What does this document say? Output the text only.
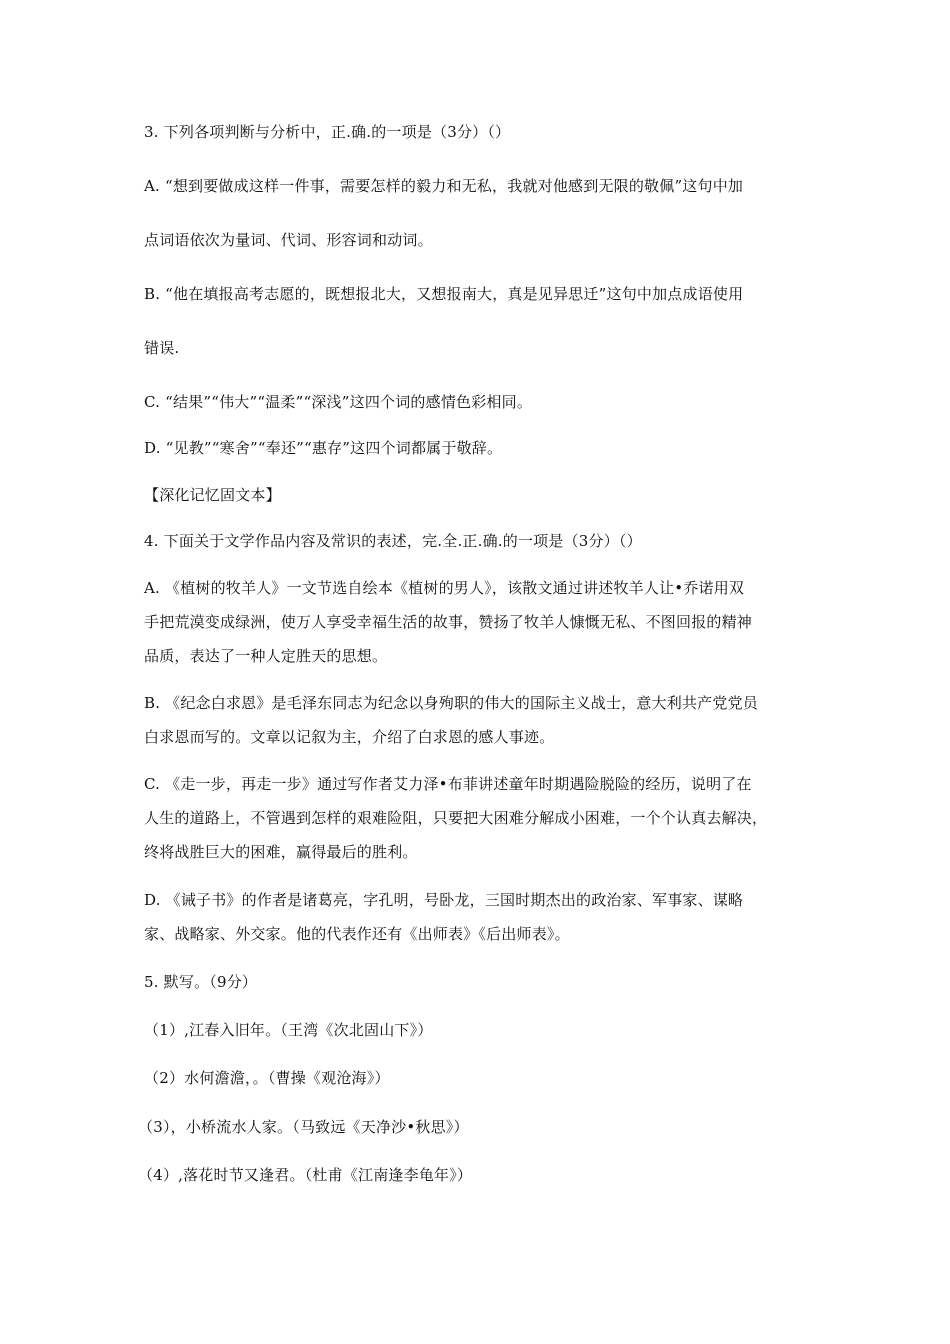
3. 下列各项判断与分析中，正.确.的一项是（3分）（）
A. “想到要做成这样一件事，需要怎样的毅力和无私，我就对他感到无限的敬佩”这句中加
点词语依次为量词、代词、形容词和动词。
B. “他在填报高考志愿的，既想报北大，又想报南大，真是见异思迁”这句中加点成语使用
错误.
C. “结果”“伟大”“温柔”“深浅”这四个词的感情色彩相同。
D. “见教”“寒舍”“奉还”“惠存”这四个词都属于敬辞。
【深化记忆固文本】
4. 下面关于文学作品内容及常识的表述，完.全.正.确.的一项是（3分）（）
A. 《植树的牧羊人》一文节选自绘本《植树的男人》，该散文通过讲述牧羊人让•乔诺用双
手把荒漠变成绿洲，使万人享受幸福生活的故事，赞扬了牧羊人慷慨无私、不图回报的精神
品质，表达了一种人定胜天的思想。
B. 《纪念白求恩》是毛泽东同志为纪念以身殉职的伟大的国际主义战士，意大利共产党党员
白求恩而写的。文章以记叙为主，介绍了白求恩的感人事迹。
C. 《走一步，再走一步》通过写作者艾力泽•布菲讲述童年时期遇险脱险的经历，说明了在
人生的道路上，不管遇到怎样的艰难险阻，只要把大困难分解成小困难，一个个认真去解决，
终将战胜巨大的困难，赢得最后的胜利。
D. 《诫子书》的作者是诸葛亮，字孔明，号卧龙，三国时期杰出的政治家、军事家、谋略
家、战略家、外交家。他的代表作还有《出师表》《后出师表》。
5. 默写。（9分）
（1）,江春入旧年。（王湾《次北固山下》）
（2）水何澹澹，。（曹操《观沧海》）
（3），小桥流水人家。（马致远《天净沙•秋思》）
（4）,落花时节又逢君。（杜甫《江南逢李龟年》）
